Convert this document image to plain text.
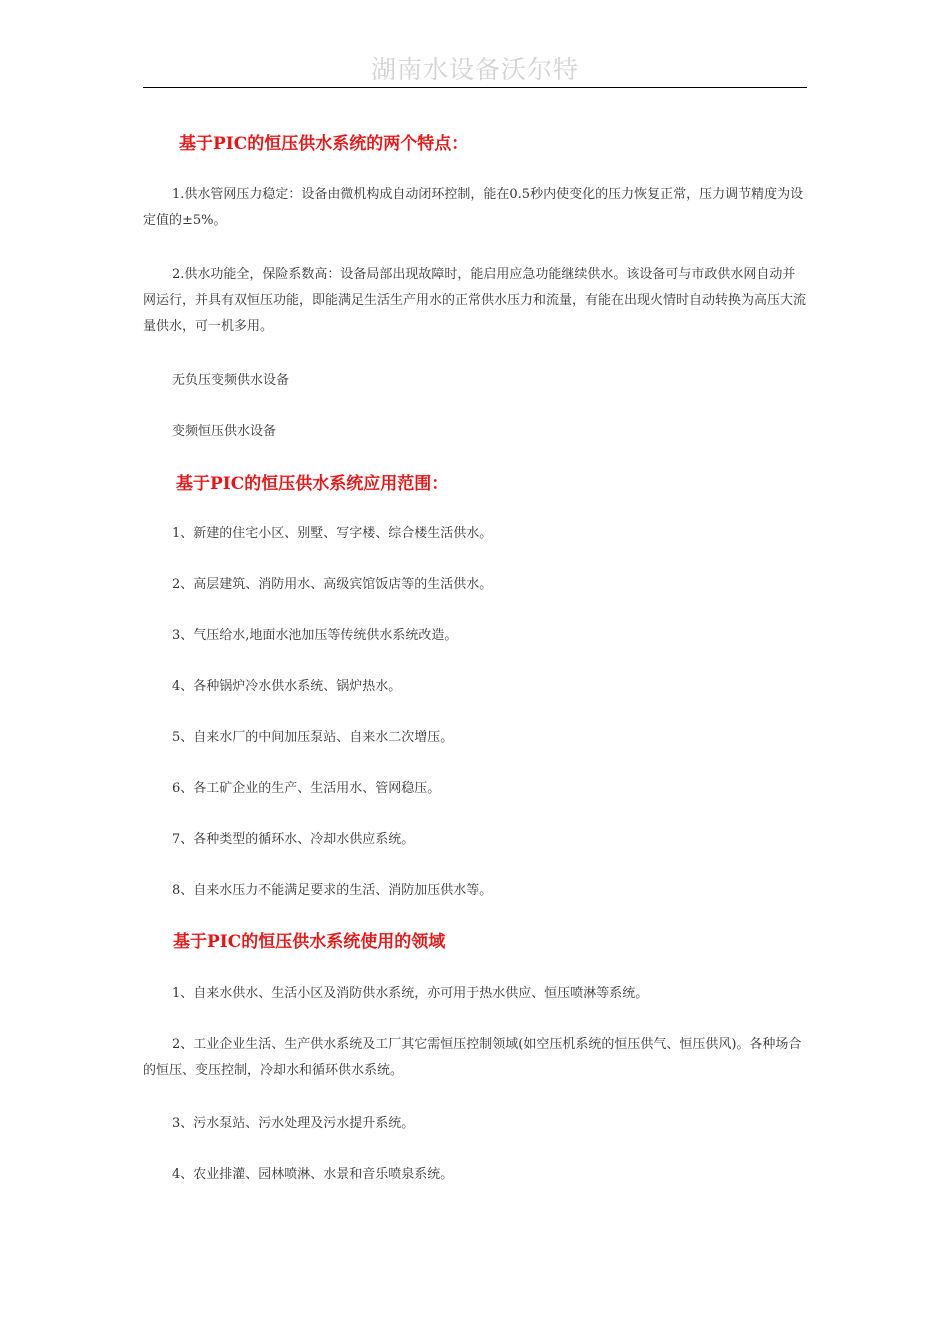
湖南水设备沃尔特
基于PIC的恒压供水系统的两个特点：
1.供水管网压力稳定：设备由微机构成自动闭环控制，能在0.5秒内使变化的压力恢复正常，压力调节精度为设定值的±5%。
2.供水功能全，保险系数高：设备局部出现故障时，能启用应急功能继续供水。该设备可与市政供水网自动并网运行，并具有双恒压功能，即能满足生活生产用水的正常供水压力和流量，有能在出现火情时自动转换为高压大流量供水，可一机多用。
无负压变频供水设备
变频恒压供水设备
基于PIC的恒压供水系统应用范围：
1、新建的住宅小区、别墅、写字楼、综合楼生活供水。
2、高层建筑、消防用水、高级宾馆饭店等的生活供水。
3、气压给水,地面水池加压等传统供水系统改造。
4、各种锅炉冷水供水系统、锅炉热水。
5、自来水厂的中间加压泵站、自来水二次增压。
6、各工矿企业的生产、生活用水、管网稳压。
7、各种类型的循环水、冷却水供应系统。
8、自来水压力不能满足要求的生活、消防加压供水等。
基于PIC的恒压供水系统使用的领域
1、自来水供水、生活小区及消防供水系统，亦可用于热水供应、恒压喷淋等系统。
2、工业企业生活、生产供水系统及工厂其它需恒压控制领域(如空压机系统的恒压供气、恒压供风)。各种场合的恒压、变压控制，冷却水和循环供水系统。
3、污水泵站、污水处理及污水提升系统。
4、农业排灌、园林喷淋、水景和音乐喷泉系统。
